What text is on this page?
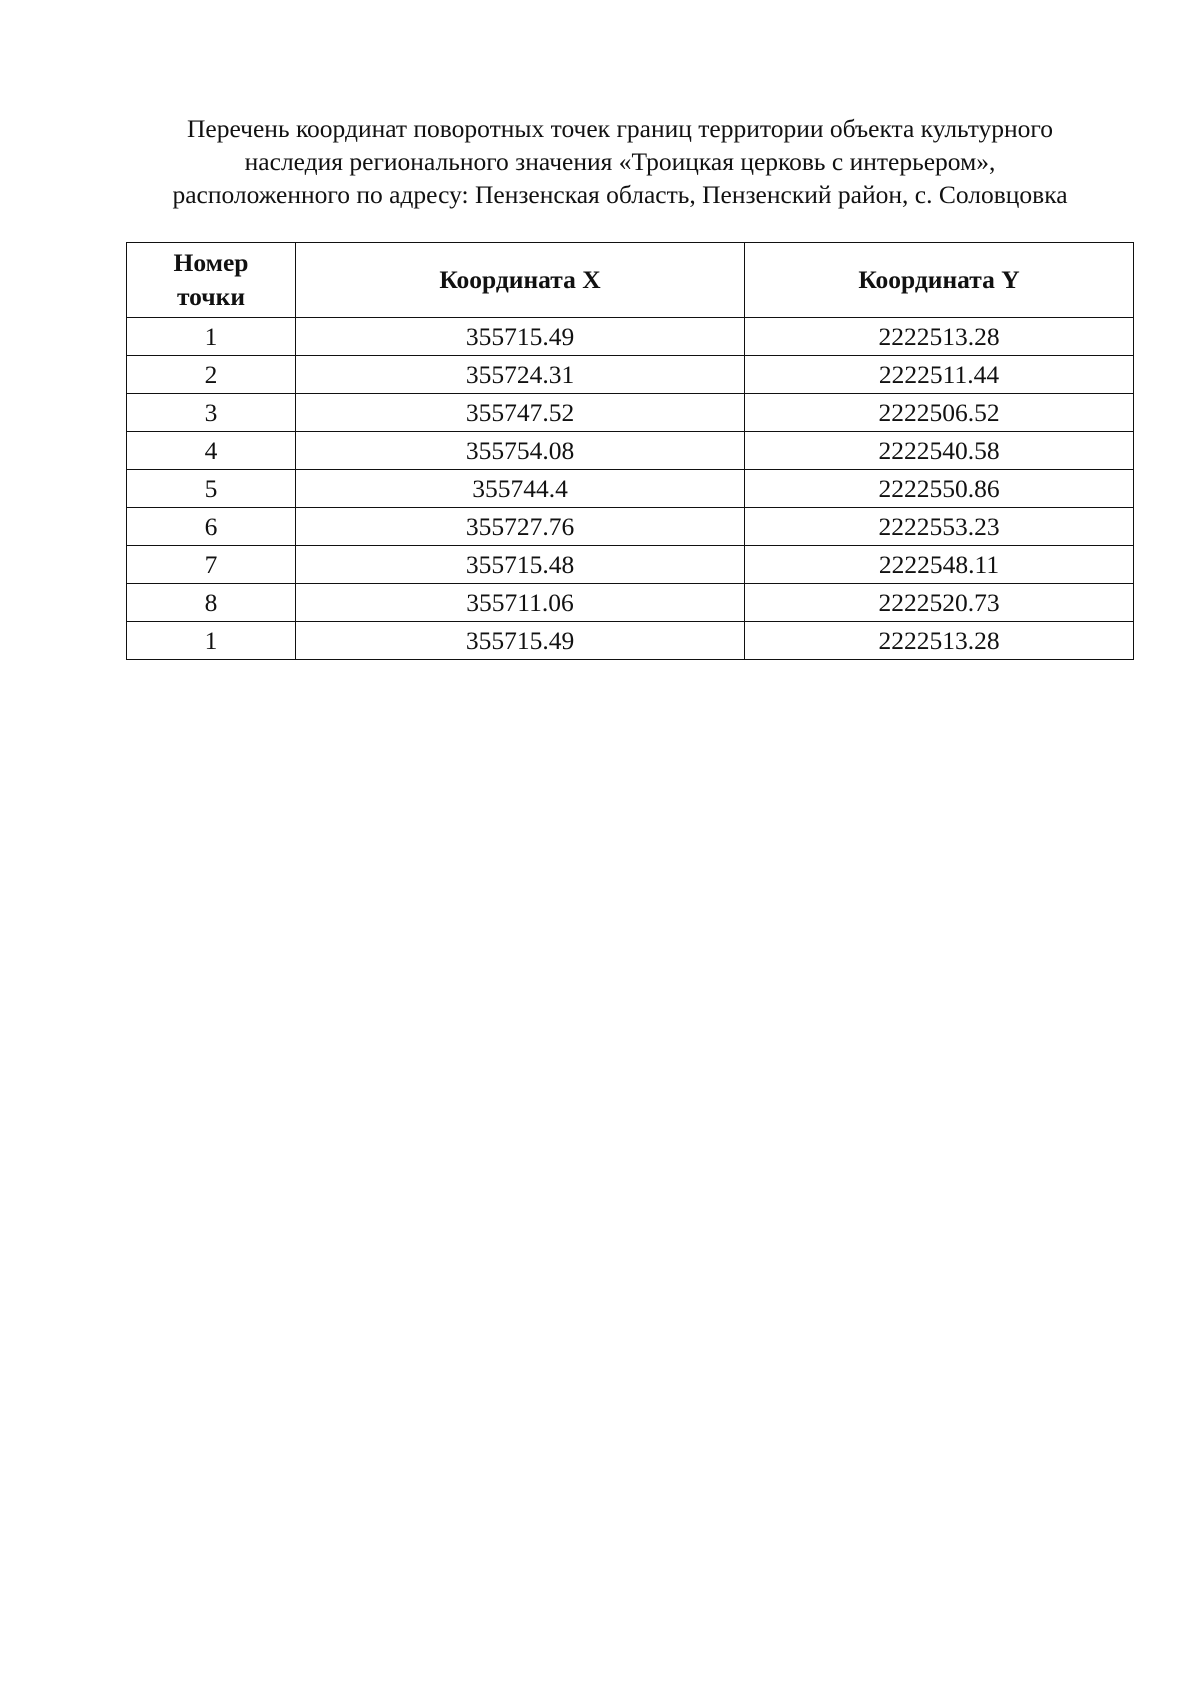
Перечень координат поворотных точек границ территории объекта культурного
наследия регионального значения «Троицкая церковь с интерьером»,
расположенного по адресу: Пензенская область, Пензенский район, с. Соловцовка
Номер точки	Координата X	Координата Y
1	355715.49	2222513.28
2	355724.31	2222511.44
3	355747.52	2222506.52
4	355754.08	2222540.58
5	355744.4	2222550.86
6	355727.76	2222553.23
7	355715.48	2222548.11
8	355711.06	2222520.73
1	355715.49	2222513.28
